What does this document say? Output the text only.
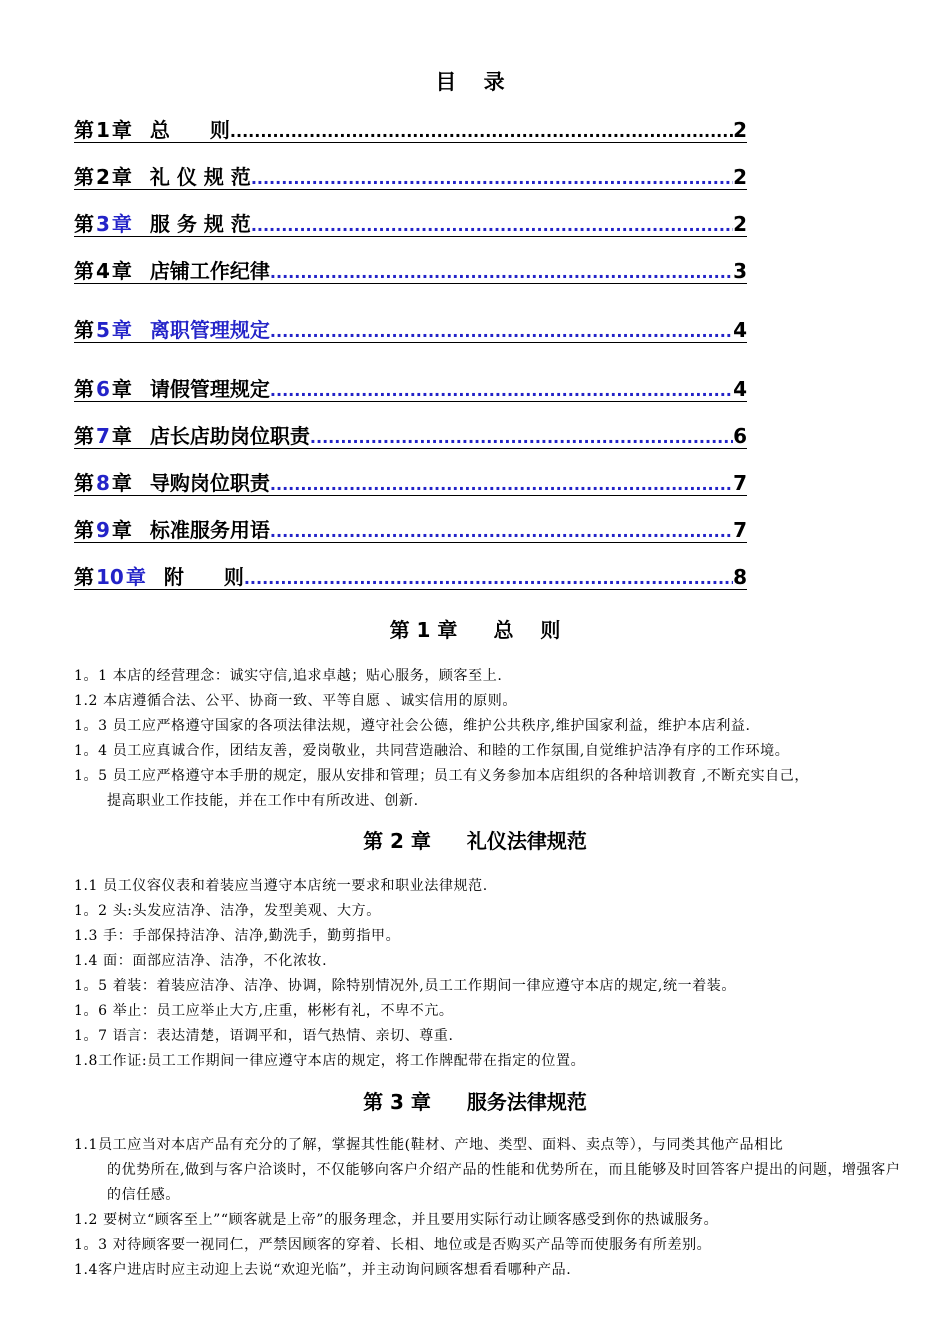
目 录
第 1 章 总　　则 .....	2
第 2 章 礼 仪 规 范 .....	2
第 3 章 服 务 规 范 .....	2
第 4 章 店铺工作纪律 .....	3
第 5 章 离职管理规定 .....	4
第 6 章 请假管理规定 .....	4
第 7 章 店长店助岗位职责 .....	6
第 8 章 导购岗位职责 .....	7
第 9 章 标准服务用语 .....	7
第 10 章 附　　则 .....	8
第 1 章 总　 则
1。1 本店的经营理念：诚实守信,追求卓越；贴心服务，顾客至上.
1.2 本店遵循合法、公平、协商一致、平等自愿 、诚实信用的原则。
1。3 员工应严格遵守国家的各项法律法规，遵守社会公德，维护公共秩序,维护国家利益，维护本店利益.
1。4 员工应真诚合作，团结友善，爱岗敬业，共同营造融洽、和睦的工作氛围,自觉维护洁净有序的工作环境。
1。5 员工应严格遵守本手册的规定，服从安排和管理；员工有义务参加本店组织的各种培训教育 ,不断充实自己，
提高职业工作技能，并在工作中有所改进、创新.
第 2 章 礼仪法律规范
1.1 员工仪容仪表和着装应当遵守本店统一要求和职业法律规范.
1。2 头:头发应洁净、洁净，发型美观、大方。
1.3 手：手部保持洁净、洁净,勤洗手，勤剪指甲。
1.4 面：面部应洁净、洁净，不化浓妆.
1。5 着装：着装应洁净、洁净、协调，除特别情况外,员工工作期间一律应遵守本店的规定,统一着装。
1。6 举止：员工应举止大方,庄重，彬彬有礼，不卑不亢。
1。7 语言：表达清楚，语调平和，语气热情、亲切、尊重.
1.8工作证:员工工作期间一律应遵守本店的规定，将工作牌配带在指定的位置。
第 3 章 服务法律规范
1.1员工应当对本店产品有充分的了解，掌握其性能(鞋材、产地、类型、面料、卖点等），与同类其他产品相比
的优势所在,做到与客户洽谈时，不仅能够向客户介绍产品的性能和优势所在，而且能够及时回答客户提出的问题，增强客户的信任感。
1.2 要树立“顾客至上”“顾客就是上帝”的服务理念，并且要用实际行动让顾客感受到你的热诚服务。
1。3 对待顾客要一视同仁，严禁因顾客的穿着、长相、地位或是否购买产品等而使服务有所差别。
1.4客户进店时应主动迎上去说“欢迎光临”，并主动询问顾客想看看哪种产品.
